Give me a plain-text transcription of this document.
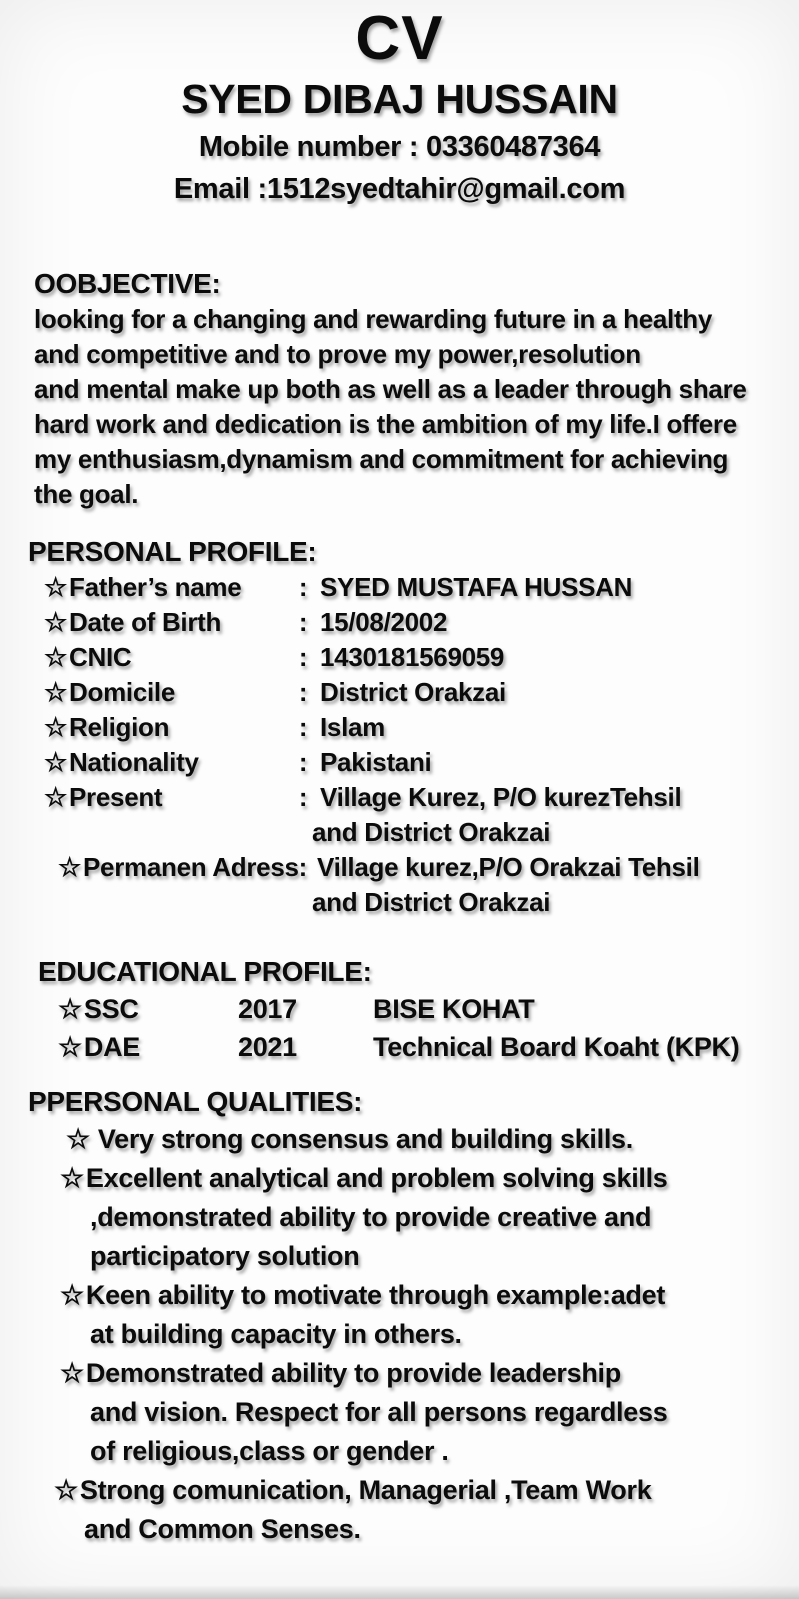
CV
SYED DIBAJ HUSSAIN
Mobile number : 03360487364
Email :1512syedtahir@gmail.com
OOBJECTIVE:
looking for a changing and rewarding future in a healthy
and competitive and to prove my power,resolution
and mental make up both as well as a leader through share
hard work and dedication is the ambition of my life.I offere
my enthusiasm,dynamism and commitment for achieving
the goal.
PERSONAL PROFILE:
☆ Father’s name	: SYED MUSTAFA HUSSAN
☆ Date of Birth	: 15/08/2002
☆ CNIC	: 1430181569059
☆ Domicile	: District Orakzai
☆ Religion	: Islam
☆ Nationality	: Pakistani
☆ Present	: Village Kurez, P/O kurezTehsil
and District Orakzai
☆ Permanen Adress: Village kurez,P/O Orakzai Tehsil
and District Orakzai
EDUCATIONAL PROFILE:
☆ SSC	2017	BISE KOHAT
☆ DAE	2021	Technical Board Koaht (KPK)
PPERSONAL QUALITIES:
☆ Very strong consensus and building skills.
☆ Excellent analytical and problem solving skills
,demonstrated ability to provide creative and
participatory solution
☆ Keen ability to motivate through example:adet
at building capacity in others.
☆ Demonstrated ability to provide leadership
and vision. Respect for all persons regardless
of religious,class or gender .
☆ Strong comunication, Managerial ,Team Work
and Common Senses.
